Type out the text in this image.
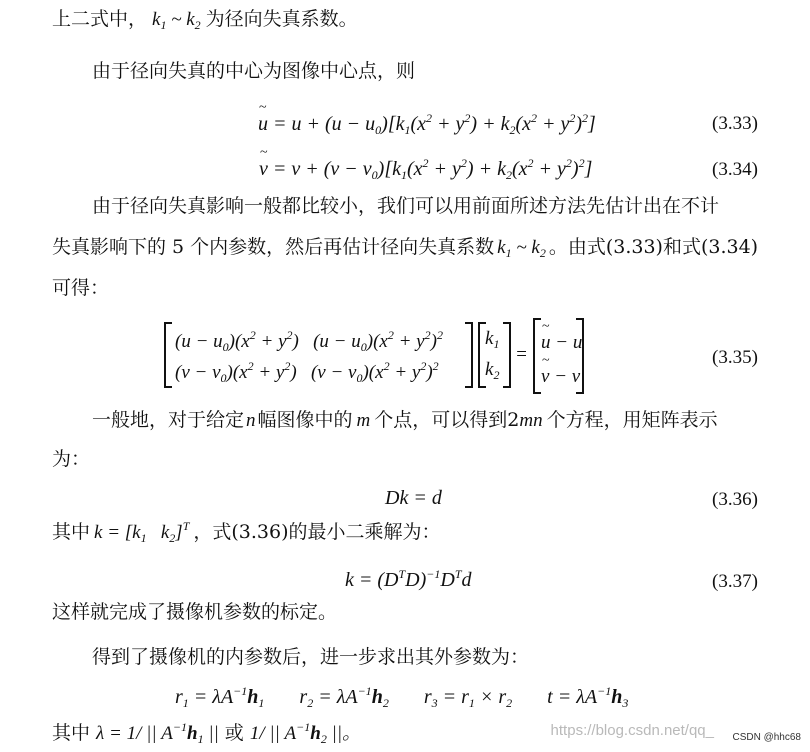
上二式中， $k_1$ ~ $k_2$ 为径向失真系数。
由于径向失真的中心为图像中心点，则
~ $u = u + (u - u_0)[k_1(x^2 + y^2) + k_2(x^2 + y^2)^2]$	(3.33)
~ $v = v + (v - v_0)[k_1(x^2 + y^2) + k_2(x^2 + y^2)^2]$	(3.34)
由于径向失真影响一般都比较小，我们可以用前面所述方法先估计出在不计
失真影响下的 5 个内参数，然后再估计径向失真系数 $k_1$ ~ $k_2$ 。由式(3.33)和式(3.34)
可得：
$(u - u_0)(x^2 + y^2)$   $(u - u_0)(x^2 + y^2)^2$
$(v - v_0)(x^2 + y^2)$   $(v - v_0)(x^2 + y^2)^2$
$k_1$
$k_2$
=
~ u − u
~ v − v
(3.35)
一般地，对于给定 n 幅图像中的 m 个点，可以得到2mn 个方程，用矩阵表示
为：
Dk = d	(3.36)
其中 $k = [k_1$   $k_2]^T$ ，式(3.36)的最小二乘解为：
$k = (D^TD)^{-1}D^Td$	(3.37)
这样就完成了摄像机参数的标定。
得到了摄像机的内参数后，进一步求出其外参数为：
$r_1 = \lambda A^{-1}h_1$       $r_2 = \lambda A^{-1}h_2$       $r_3 = r_1 \times r_2$       $t = \lambda A^{-1}h_3$
其中 λ = 1/ || $A^{-1}h_1$ || 或 1/ || $A^{-1}h_2$ ||。	https://blog.csdn.net/qq_	CSDN @hhc68
